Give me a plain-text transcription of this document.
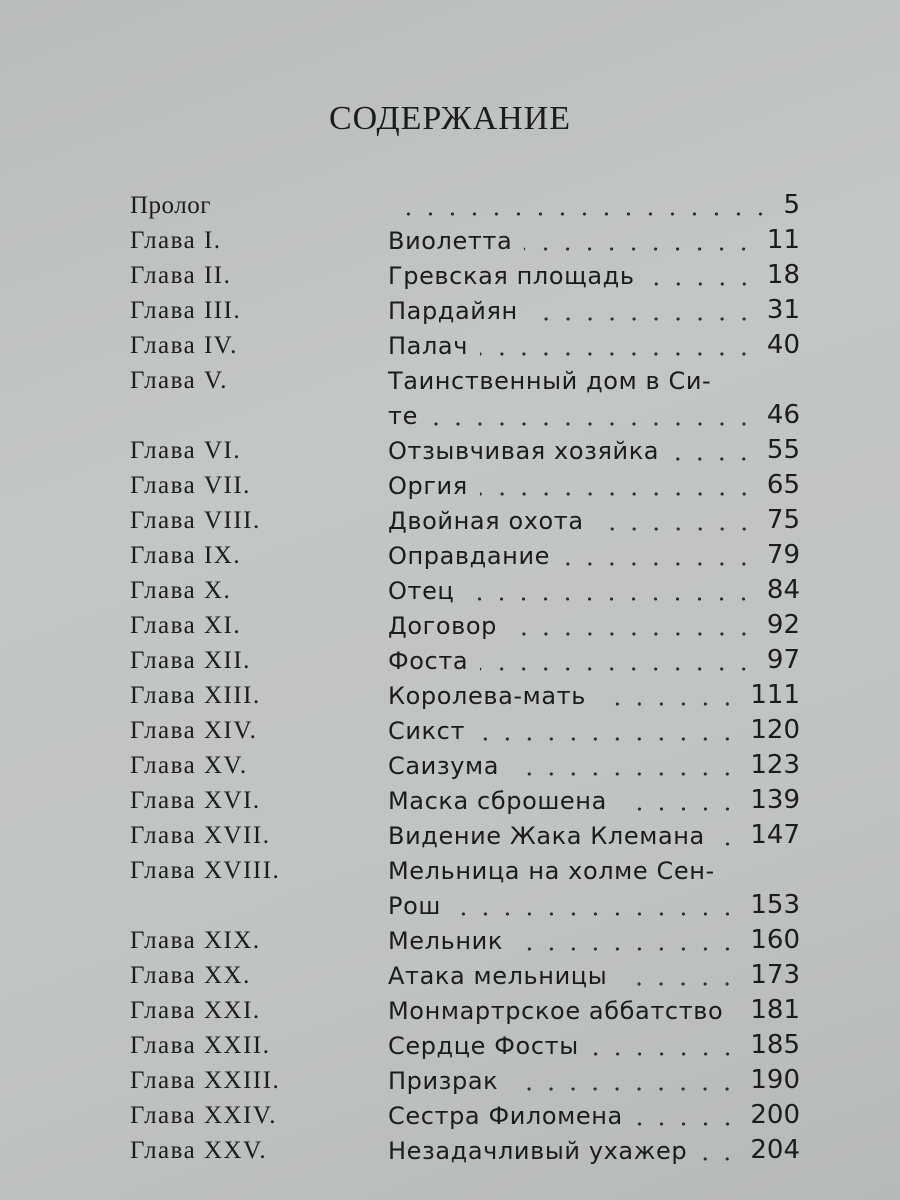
СОДЕРЖАНИЕ
Пролог	5
Глава I.	Виолетта	11
Глава II.	Гревская площадь	18
Глава III.	Пардайян	31
Глава IV.	Палач	40
Глава V.	Таинственный дом в Си-
те	46
Глава VI.	Отзывчивая хозяйка	55
Глава VII.	Оргия	65
Глава VIII.	Двойная охота	75
Глава IX.	Оправдание	79
Глава X.	Отец	84
Глава XI.	Договор	92
Глава XII.	Фоста	97
Глава XIII.	Королева-мать	111
Глава XIV.	Сикст	120
Глава XV.	Саизума	123
Глава XVI.	Маска сброшена	139
Глава XVII.	Видение Жака Клемана	147
Глава XVIII.	Мельница на холме Сен-
Рош	153
Глава XIX.	Мельник	160
Глава XX.	Атака мельницы	173
Глава XXI.	Монмартрское аббатство	181
Глава XXII.	Сердце Фосты	185
Глава XXIII.	Призрак	190
Глава XXIV.	Сестра Филомена	200
Глава XXV.	Незадачливый ухажер	204
